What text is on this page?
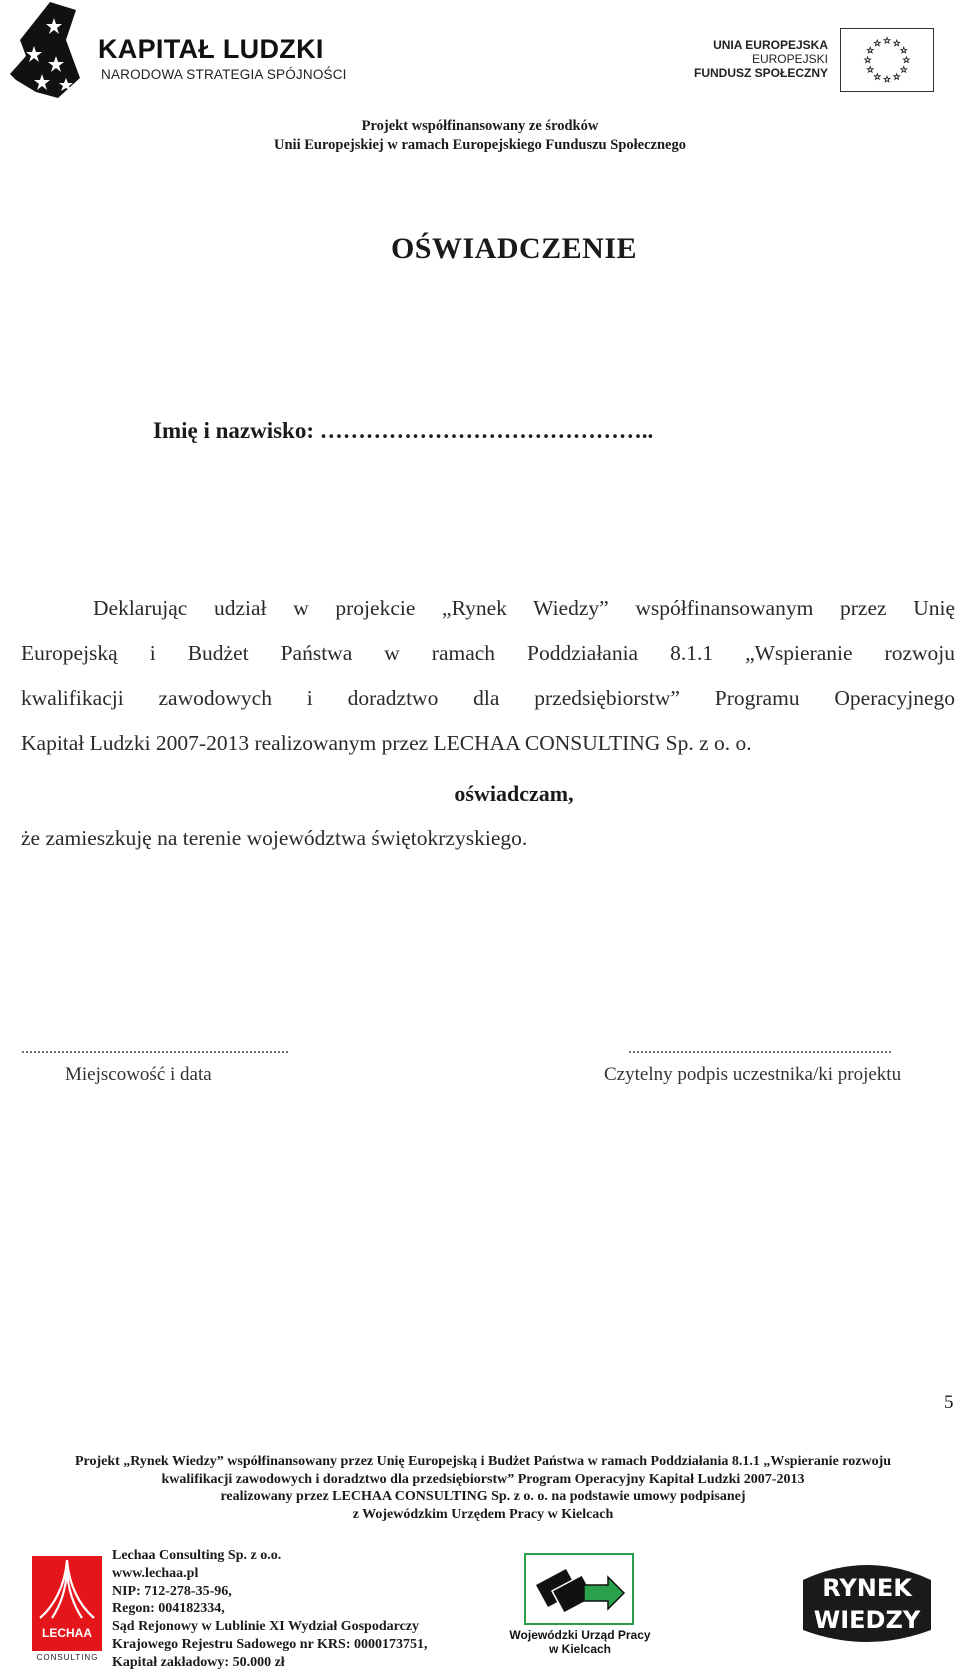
KAPITAŁ LUDZKI
NARODOWA STRATEGIA SPÓJNOŚCI
UNIA EUROPEJSKA
EUROPEJSKI
FUNDUSZ SPOŁECZNY
Projekt współfinansowany ze środków
Unii Europejskiej w ramach Europejskiego Funduszu Społecznego
OŚWIADCZENIE
Imię i nazwisko: ……………………………………..

Deklarując udział w projekcie „Rynek Wiedzy” współfinansowanym przez Unię

Europejską i Budżet Państwa w ramach Poddziałania 8.1.1 „Wspieranie rozwoju

kwalifikacji zawodowych i doradztwo dla przedsiębiorstw” Programu Operacyjnego

Kapitał Ludzki 2007-2013 realizowanym przez LECHAA CONSULTING Sp. z o. o.

oświadczam,
że zamieszkuję na terenie województwa świętokrzyskiego.
...................................................................
Miejscowość i data
..................................................................
Czytelny podpis uczestnika/ki projektu
5
Projekt „Rynek Wiedzy” współfinansowany przez Unię Europejską i Budżet Państwa w ramach Poddziałania 8.1.1 „Wspieranie rozwoju
kwalifikacji zawodowych i doradztwo dla przedsiębiorstw” Program Operacyjny Kapitał Ludzki 2007-2013
realizowany przez LECHAA CONSULTING Sp. z o. o. na podstawie umowy podpisanej
z Wojewódzkim Urzędem Pracy w Kielcach
LECHAA
CONSULTING
Lechaa Consulting Sp. z o.o.
www.lechaa.pl
NIP: 712-278-35-96,
Regon: 004182334,
Sąd Rejonowy w Lublinie XI Wydział Gospodarczy
Krajowego Rejestru Sadowego nr KRS: 0000173751,
Kapitał zakładowy: 50.000 zł
Wojewódzki Urząd Pracy
w Kielcach
RYNEK
WIEDZY
